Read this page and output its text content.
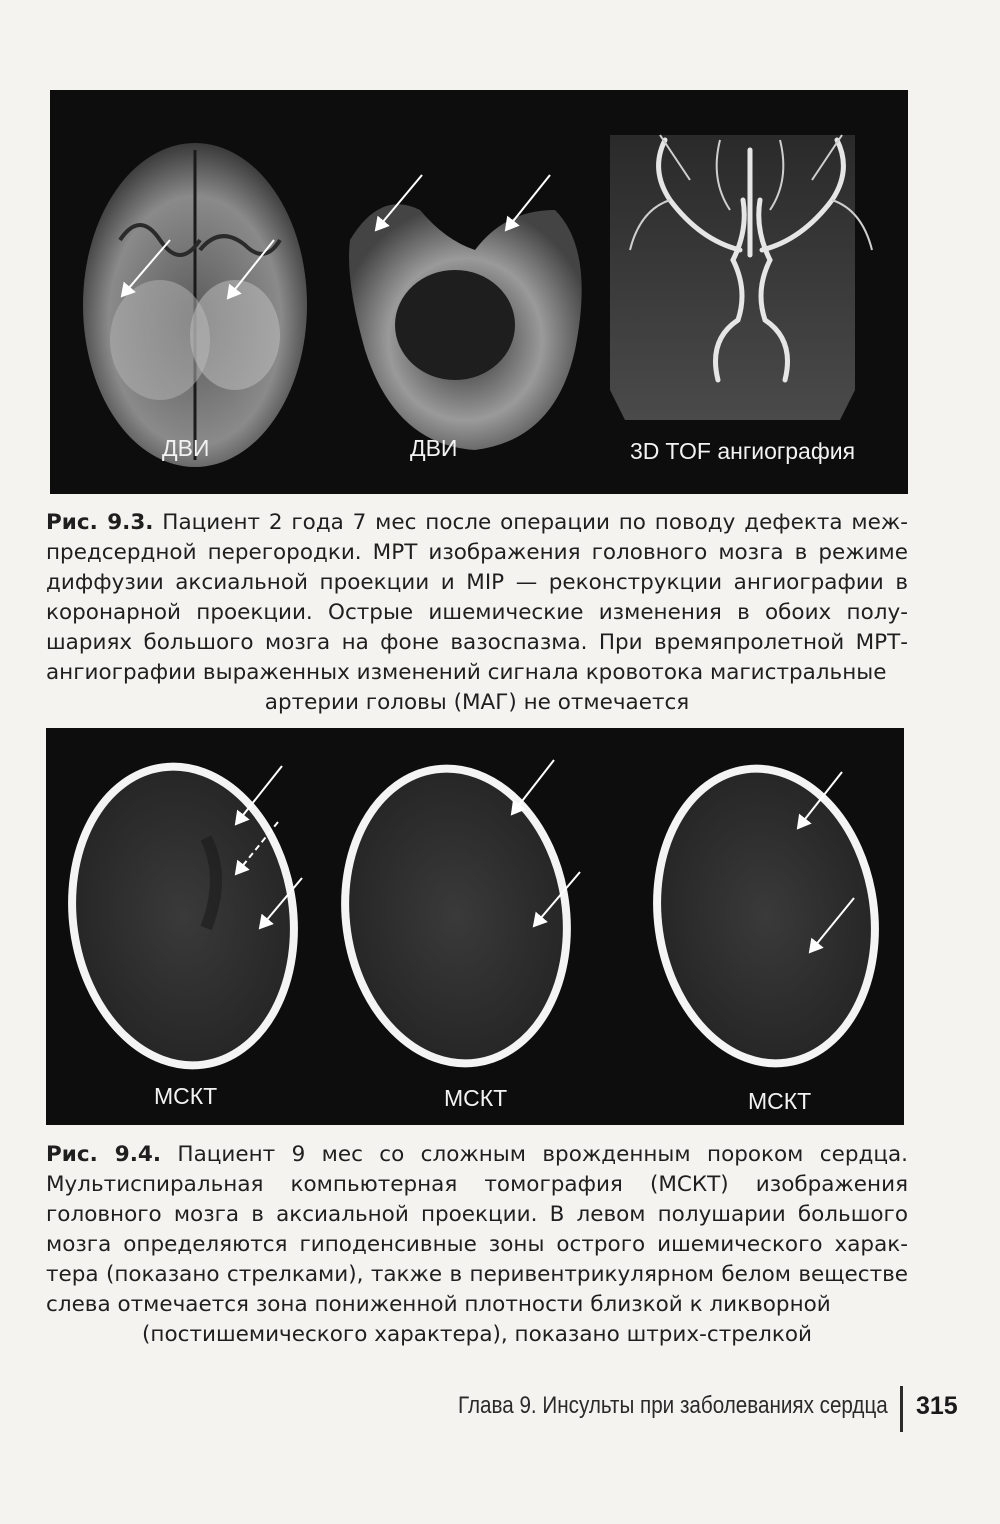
ДВИ	ДВИ	3D TOF ангиография
Рис. 9.3. Пациент 2 года 7 мес после операции по поводу дефекта межпредсердной перегородки. МРТ изображения головного мозга в режиме диффузии аксиальной проекции и MIP — реконструкции ангиографии в коронарной проекции. Острые ишемические изменения в обоих полушариях большого мозга на фоне вазоспазма. При времяпролетной МРТ-ангиографии выраженных изменений сигнала кровотока магистральные
артерии головы (МАГ) не отмечается
МСКТ	МСКТ	МСКТ
Рис. 9.4. Пациент 9 мес со сложным врожденным пороком сердца. Мультиспиральная компьютерная томография (МСКТ) изображения головного мозга в аксиальной проекции. В левом полушарии большого мозга определяются гиподенсивные зоны острого ишемического характера (показано стрелками), также в перивентрикулярном белом веществе слева отмечается зона пониженной плотности близкой к ликворной
(постишемического характера), показано штрих-стрелкой
Глава 9. Инсульты при заболеваниях сердца 315
